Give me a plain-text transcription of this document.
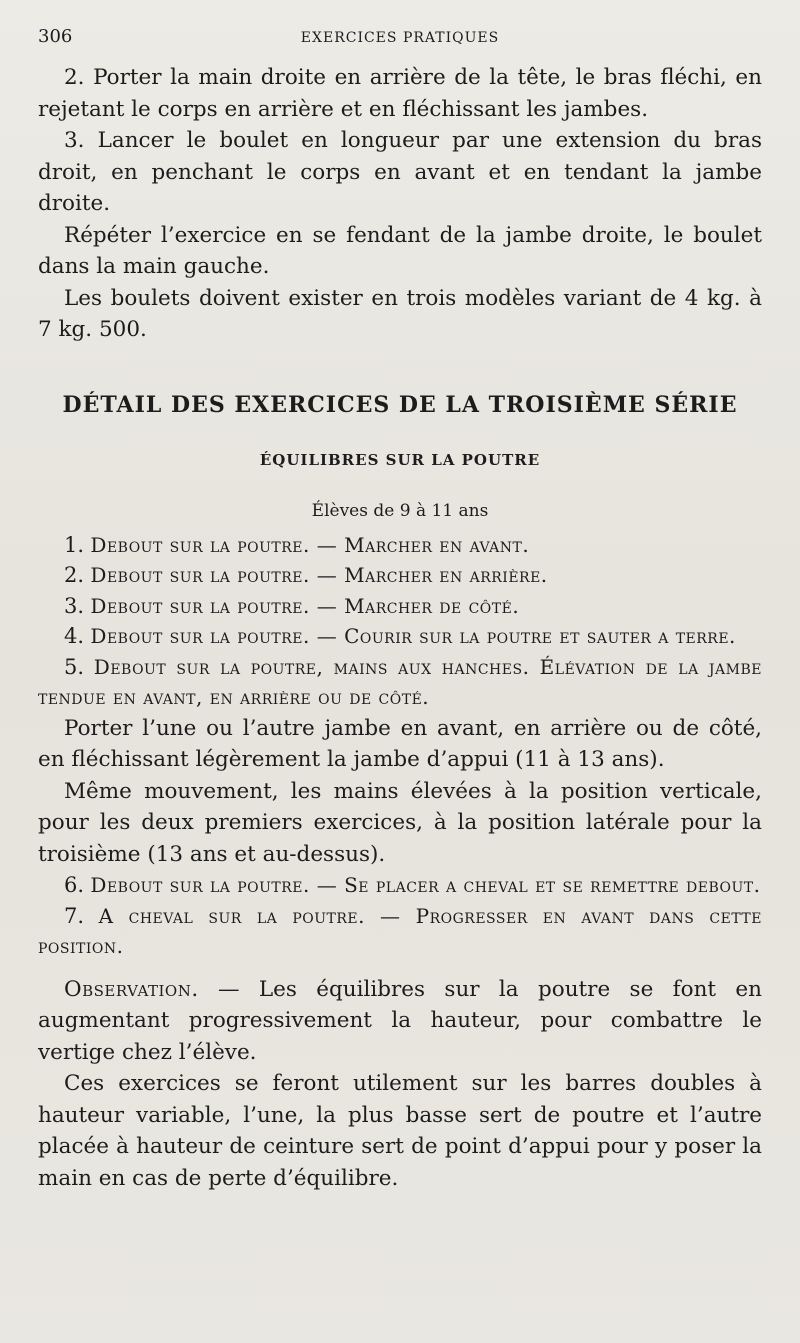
306	EXERCICES PRATIQUES

2. Porter la main droite en arrière de la tête, le bras fléchi, en rejetant le corps en arrière et en fléchissant les jambes.

3. Lancer le boulet en longueur par une extension du bras droit, en penchant le corps en avant et en tendant la jambe droite.

Répéter l’exercice en se fendant de la jambe droite, le boulet dans la main gauche.

Les boulets doivent exister en trois modèles variant de 4 kg. à 7 kg. 500.

DÉTAIL DES EXERCICES DE LA TROISIÈME SÉRIE
ÉQUILIBRES SUR LA POUTRE
Élèves de 9 à 11 ans

1. Debout sur la poutre. — Marcher en avant.

2. Debout sur la poutre. — Marcher en arrière.

3. Debout sur la poutre. — Marcher de côté.

4. Debout sur la poutre. — Courir sur la poutre et sauter a terre.

5. Debout sur la poutre, mains aux hanches. Élévation de la jambe tendue en avant, en arrière ou de côté.

Porter l’une ou l’autre jambe en avant, en arrière ou de côté, en fléchissant légèrement la jambe d’appui (11 à 13 ans).

Même mouvement, les mains élevées à la position verticale, pour les deux premiers exercices, à la position latérale pour la troisième (13 ans et au-dessus).

6. Debout sur la poutre. — Se placer a cheval et se remettre debout.

7. A cheval sur la poutre. — Progresser en avant dans cette position.

Observation. — Les équilibres sur la poutre se font en augmentant progressivement la hauteur, pour combattre le vertige chez l’élève.

Ces exercices se feront utilement sur les barres doubles à hauteur variable, l’une, la plus basse sert de poutre et l’autre placée à hauteur de ceinture sert de point d’appui pour y poser la main en cas de perte d’équilibre.
